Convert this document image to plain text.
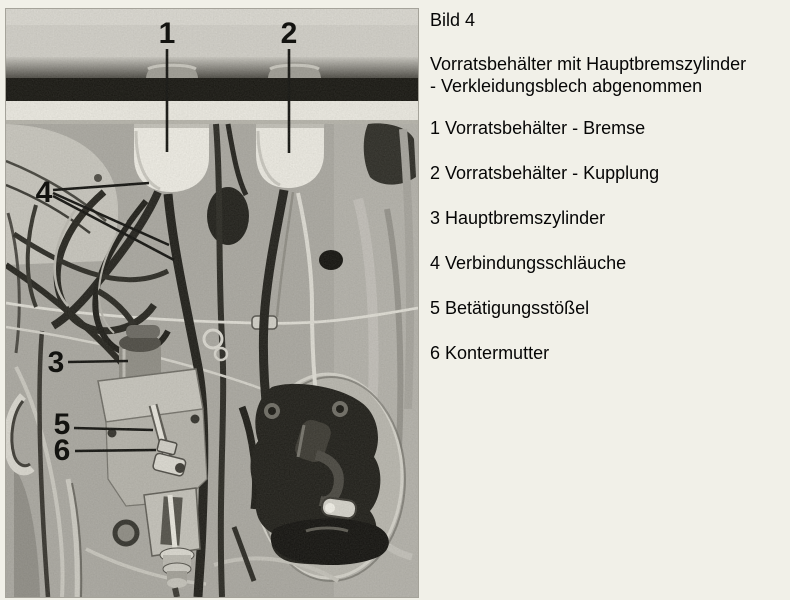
1	2
3
4
5
6
Bild 4
Vorratsbehälter mit Hauptbremszylinder
- Verkleidungsblech abgenommen
1 Vorratsbehälter - Bremse
2 Vorratsbehälter - Kupplung
3 Hauptbremszylinder
4 Verbindungsschläuche
5 Betätigungsstößel
6 Kontermutter
